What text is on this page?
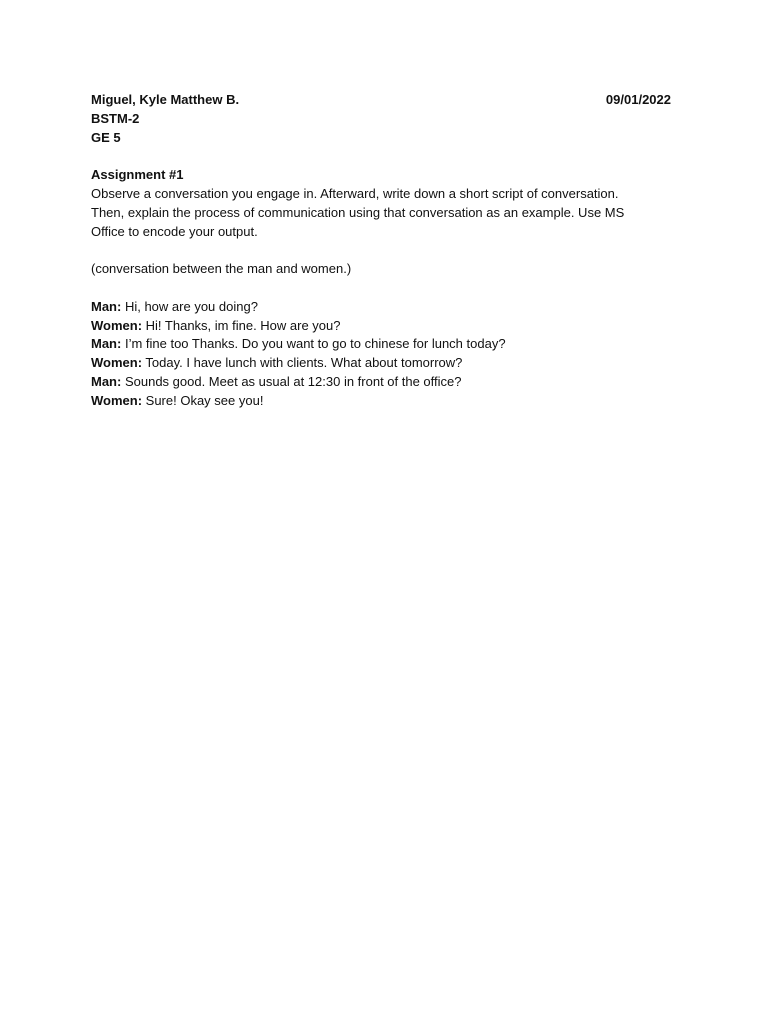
Miguel, Kyle Matthew B.	09/01/2022
BSTM-2
GE 5
Assignment #1
Observe a conversation you engage in. Afterward, write down a short script of conversation.
Then, explain the process of communication using that conversation as an example. Use MS
Office to encode your output.
(conversation between the man and women.)
Man: Hi, how are you doing?
Women: Hi! Thanks, im fine. How are you?
Man: I’m fine too Thanks. Do you want to go to chinese for lunch today?
Women: Today. I have lunch with clients. What about tomorrow?
Man: Sounds good. Meet as usual at 12:30 in front of the office?
Women: Sure! Okay see you!
